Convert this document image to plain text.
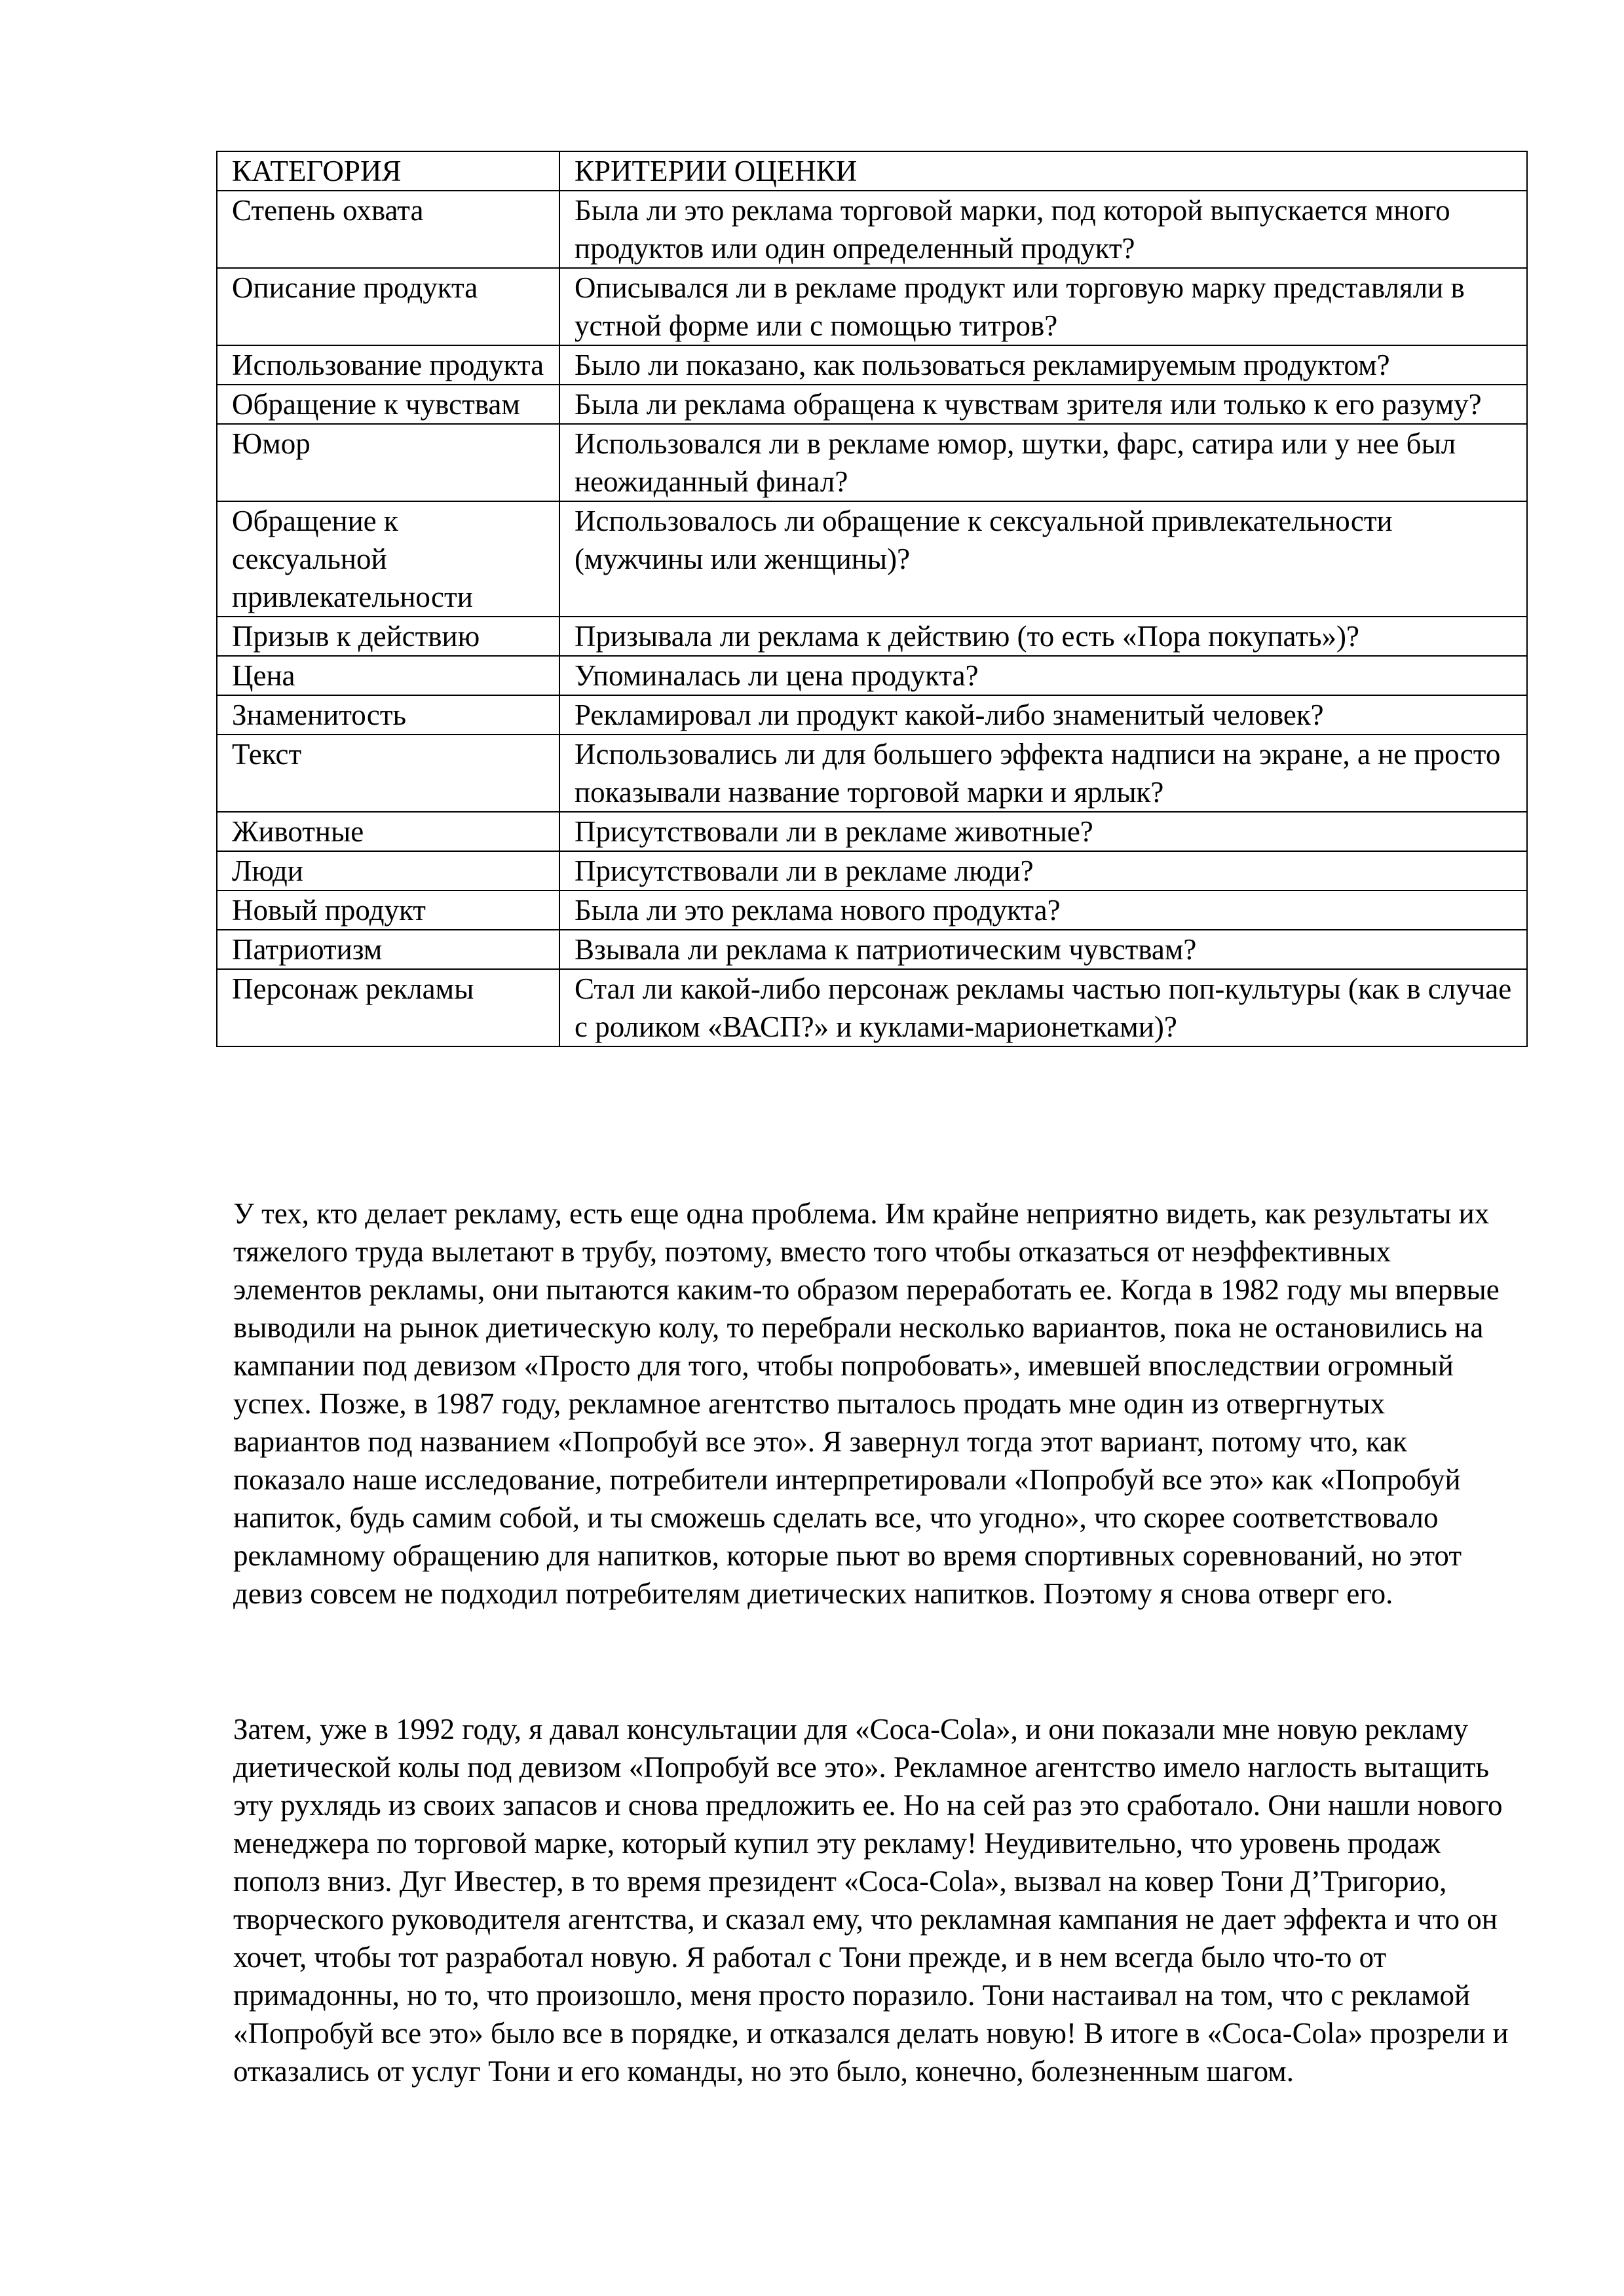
КАТЕГОРИЯ	КРИТЕРИИ ОЦЕНКИ
Степень охвата	Была ли это реклама торговой марки, под которой выпускается много продуктов или один определенный продукт?
Описание продукта	Описывался ли в рекламе продукт или торговую марку представляли в устной форме или с помощью титров?
Использование продукта	Было ли показано, как пользоваться рекламируемым продуктом?
Обращение к чувствам	Была ли реклама обращена к чувствам зрителя или только к его разуму?
Юмор	Использовался ли в рекламе юмор, шутки, фарс, сатира или у нее был неожиданный финал?
Обращение к сексуальной привлекательности	Использовалось ли обращение к сексуальной привлекательности (мужчины или женщины)?
Призыв к действию	Призывала ли реклама к действию (то есть «Пора покупать»)?
Цена	Упоминалась ли цена продукта?
Знаменитость	Рекламировал ли продукт какой-либо знаменитый человек?
Текст	Использовались ли для большего эффекта надписи на экране, а не просто показывали название торговой марки и ярлык?
Животные	Присутствовали ли в рекламе животные?
Люди	Присутствовали ли в рекламе люди?
Новый продукт	Была ли это реклама нового продукта?
Патриотизм	Взывала ли реклама к патриотическим чувствам?
Персонаж рекламы	Стал ли какой-либо персонаж рекламы частью поп-культуры (как в случае с роликом «ВАСП?» и куклами-марионетками)?

У тех, кто делает рекламу, есть еще одна проблема. Им крайне неприятно видеть, как результаты их тяжелого труда вылетают в трубу, поэтому, вместо того чтобы отказаться от неэффективных элементов рекламы, они пытаются каким-то образом переработать ее. Когда в 1982 году мы впервые выводили на рынок диетическую колу, то перебрали несколько вариантов, пока не остановились на кампании под девизом «Просто для того, чтобы попробовать», имевшей впоследствии огромный успех. Позже, в 1987 году, рекламное агентство пыталось продать мне один из отвергнутых вариантов под названием «Попробуй все это». Я завернул тогда этот вариант, потому что, как показало наше исследование, потребители интерпретировали «Попробуй все это» как «Попробуй напиток, будь самим собой, и ты сможешь сделать все, что угодно», что скорее соответствовало рекламному обращению для напитков, которые пьют во время спортивных соревнований, но этот девиз совсем не подходил потребителям диетических напитков. Поэтому я снова отверг его.

Затем, уже в 1992 году, я давал консультации для «Coca-Cola», и они показали мне новую рекламу диетической колы под девизом «Попробуй все это». Рекламное агентство имело наглость вытащить эту рухлядь из своих запасов и снова предложить ее. Но на сей раз это сработало. Они нашли нового менеджера по торговой марке, который купил эту рекламу! Неудивительно, что уровень продаж пополз вниз. Дуг Ивестер, в то время президент «Coca-Cola», вызвал на ковер Тони Д’Тригорио, творческого руководителя агентства, и сказал ему, что рекламная кампания не дает эффекта и что он хочет, чтобы тот разработал новую. Я работал с Тони прежде, и в нем всегда было что-то от примадонны, но то, что произошло, меня просто поразило. Тони настаивал на том, что с рекламой «Попробуй все это» было все в порядке, и отказался делать новую! В итоге в «Coca-Cola» прозрели и отказались от услуг Тони и его команды, но это было, конечно, болезненным шагом.
